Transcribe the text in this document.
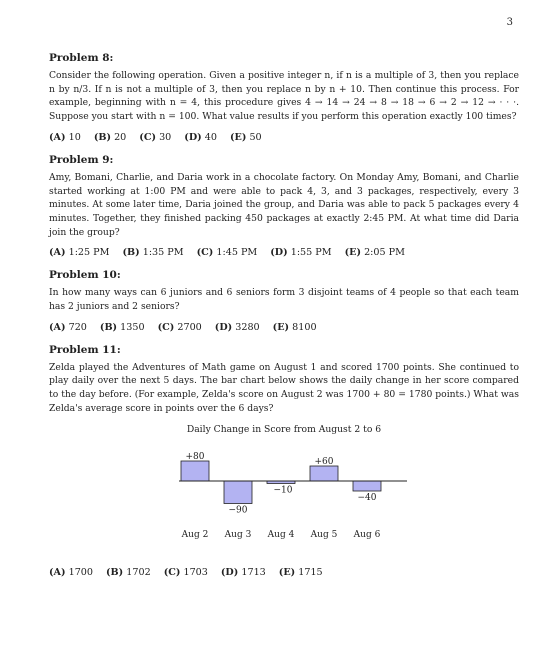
3
Problem 8:
Consider the following operation. Given a positive integer n, if n is a multiple of 3, then you replace n by n/3. If n is not a multiple of 3, then you replace n by n + 10. Then continue this process. For example, beginning with n = 4, this procedure gives 4 → 14 → 24 → 8 → 18 → 6 → 2 → 12 → · · ·. Suppose you start with n = 100. What value results if you perform this operation exactly 100 times?
(A) 10 (B) 20 (C) 30 (D) 40 (E) 50
Problem 9:
Amy, Bomani, Charlie, and Daria work in a chocolate factory. On Monday Amy, Bomani, and Charlie started working at 1:00 PM and were able to pack 4, 3, and 3 packages, respectively, every 3 minutes. At some later time, Daria joined the group, and Daria was able to pack 5 packages every 4 minutes. Together, they finished packing 450 packages at exactly 2:45 PM. At what time did Daria join the group?
(A) 1:25 PM (B) 1:35 PM (C) 1:45 PM (D) 1:55 PM (E) 2:05 PM
Problem 10:
In how many ways can 6 juniors and 6 seniors form 3 disjoint teams of 4 people so that each team has 2 juniors and 2 seniors?
(A) 720 (B) 1350 (C) 2700 (D) 3280 (E) 8100
Problem 11:
Zelda played the Adventures of Math game on August 1 and scored 1700 points. She continued to play daily over the next 5 days. The bar chart below shows the daily change in her score compared to the day before. (For example, Zelda's score on August 2 was 1700 + 80 = 1780 points.) What was Zelda's average score in points over the 6 days?
Daily Change in Score from August 2 to 6
+80
Aug 2
−90
Aug 3
−10
Aug 4
+60
Aug 5
−40
Aug 6
(A) 1700 (B) 1702 (C) 1703 (D) 1713 (E) 1715
